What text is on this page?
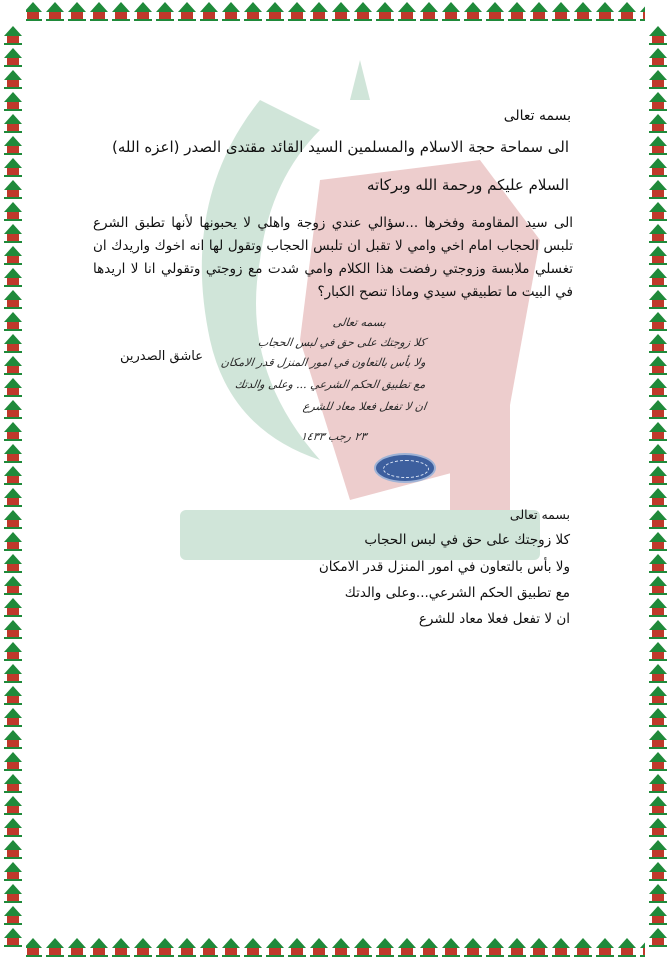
بسمه تعالى
الى سماحة حجة الاسلام والمسلمين السيد القائد مقتدى الصدر (اعزه الله)
السلام عليكم ورحمة الله وبركاته
الى سيد المقاومة وفخرها ...سؤالي عندي زوجة واهلي لا يحبونها لأنها تطبق الشرع تلبس الحجاب امام اخي وامي لا تقبل ان تلبس الحجاب وتقول لها انه اخوك واريدك ان تغسلي ملابسة وزوجتي رفضت هذا الكلام وامي شدت مع زوجتي وتقولي انا لا اريدها في البيت ما تطبيقي سيدي وماذا تنصح الكبار؟
عاشق الصدرين
بسمه تعالى
كلا زوجتك على حق في لبس الحجاب
ولا بأس بالتعاون في امور المنزل قدر الامكان
مع تطبيق الحكم الشرعي ... وعلى والدتك
ان لا تفعل فعلا معاد للشرع
٢٣ رجب ١٤٣٣
بسمه تعالى
كلا زوجتك على حق في لبس الحجاب
ولا بأس بالتعاون في امور المنزل قدر الامكان
مع تطبيق الحكم الشرعي...وعلى والدتك
ان لا تفعل فعلا معاد للشرع
